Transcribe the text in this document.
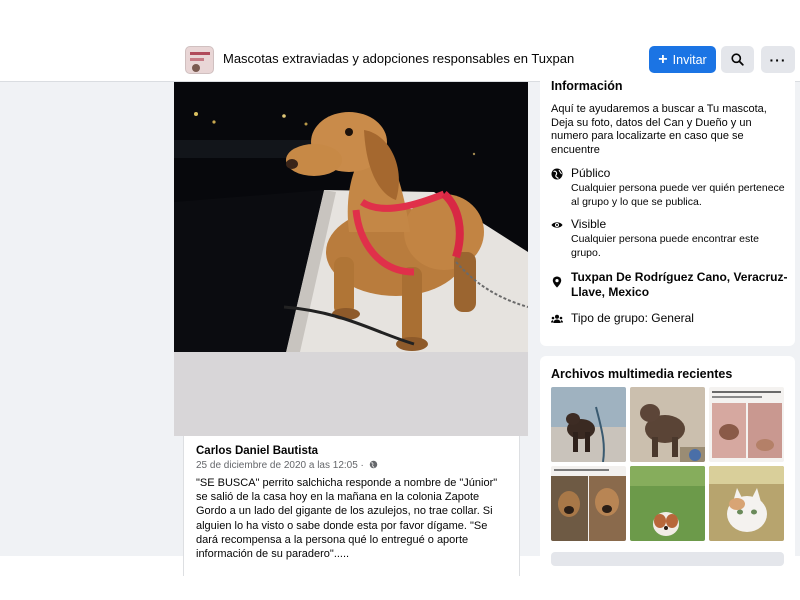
Mascotas extraviadas y adopciones responsables en Tuxpan	+ Invitar	···
Carlos Daniel Bautista
25 de diciembre de 2020 a las 12:05 ·
"SE BUSCA" perrito salchicha responde a nombre de "Júnior" se salió de la casa hoy en la mañana en la colonia Zapote Gordo a un lado del gigante de los azulejos, no trae collar. Si alguien lo ha visto o sabe donde esta por favor dígame. "Se dará recompensa a la persona qué lo entregué o aporte información de su paradero".....
Información
Aquí te ayudaremos a buscar a Tu mascota, Deja su foto, datos del Can y Dueño y un numero para localizarte en caso que se encuentre
Público
Cualquier persona puede ver quién pertenece al grupo y lo que se publica.
Visible
Cualquier persona puede encontrar este grupo.
Tuxpan De Rodríguez Cano, Veracruz-Llave, Mexico
Tipo de grupo: General
Archivos multimedia recientes
